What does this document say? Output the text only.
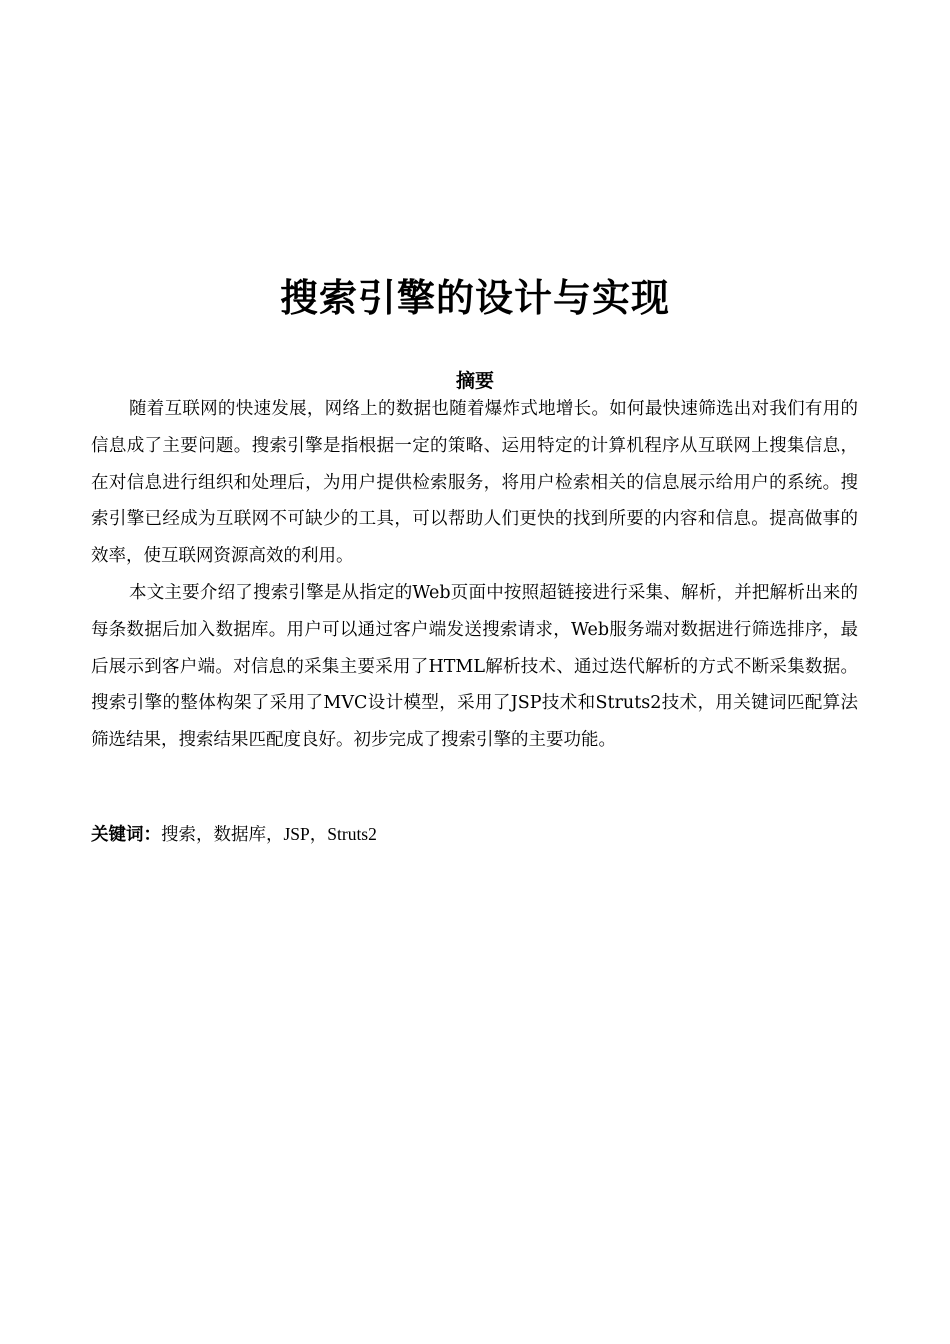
搜索引擎的设计与实现
摘要

随着互联网的快速发展，网络上的数据也随着爆炸式地增长。如何最快速筛选出对我们有用的信息成了主要问题。搜索引擎是指根据一定的策略、运用特定的计算机程序从互联网上搜集信息，在对信息进行组织和处理后，为用户提供检索服务，将用户检索相关的信息展示给用户的系统。搜索引擎已经成为互联网不可缺少的工具，可以帮助人们更快的找到所要的内容和信息。提高做事的效率，使互联网资源高效的利用。

本文主要介绍了搜索引擎是从指定的Web页面中按照超链接进行采集、解析，并把解析出来的每条数据后加入数据库。用户可以通过客户端发送搜索请求，Web服务端对数据进行筛选排序，最后展示到客户端。对信息的采集主要采用了HTML解析技术、通过迭代解析的方式不断采集数据。搜索引擎的整体构架了采用了MVC设计模型，采用了JSP技术和Struts2技术，用关键词匹配算法筛选结果，搜索结果匹配度良好。初步完成了搜索引擎的主要功能。

关键词：搜索，数据库，JSP，Struts2
